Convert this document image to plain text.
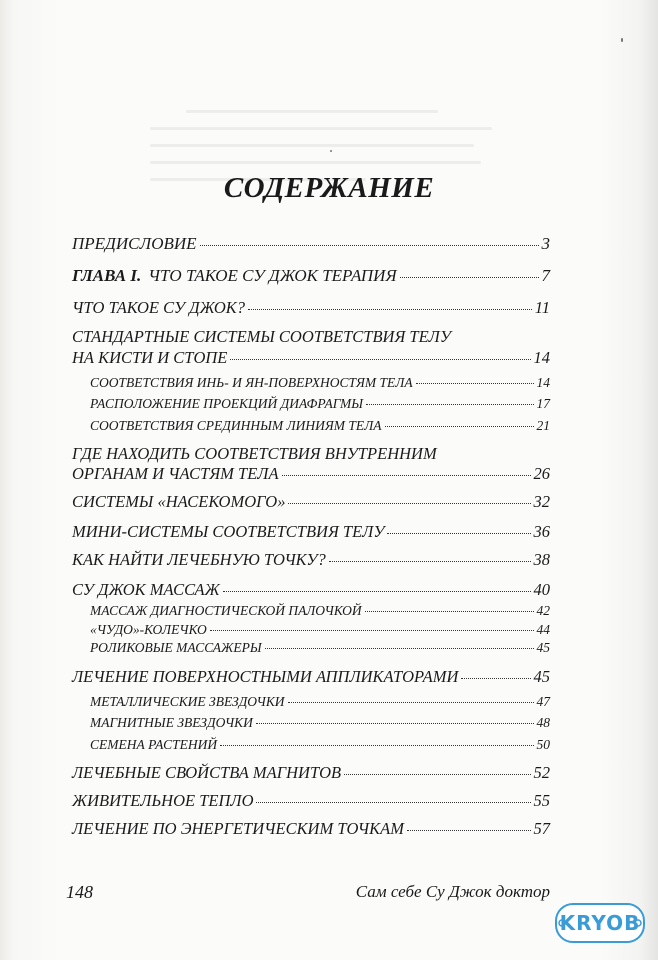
СОДЕРЖАНИЕ
ПРЕДИСЛОВИЕ	3
ГЛАВА I. ЧТО ТАКОЕ СУ ДЖОК ТЕРАПИЯ	7
ЧТО ТАКОЕ СУ ДЖОК?	11
СТАНДАРТНЫЕ СИСТЕМЫ СООТВЕТСТВИЯ ТЕЛУ
НА КИСТИ И СТОПЕ	14
СООТВЕТСТВИЯ ИНЬ- И ЯН-ПОВЕРХНОСТЯМ ТЕЛА	14
РАСПОЛОЖЕНИЕ ПРОЕКЦИЙ ДИАФРАГМЫ	17
СООТВЕТСТВИЯ СРЕДИННЫМ ЛИНИЯМ ТЕЛА	21
ГДЕ НАХОДИТЬ СООТВЕТСТВИЯ ВНУТРЕННИМ
ОРГАНАМ И ЧАСТЯМ ТЕЛА	26
СИСТЕМЫ «НАСЕКОМОГО»	32
МИНИ-СИСТЕМЫ СООТВЕТСТВИЯ ТЕЛУ	36
КАК НАЙТИ ЛЕЧЕБНУЮ ТОЧКУ?	38
СУ ДЖОК МАССАЖ	40
МАССАЖ ДИАГНОСТИЧЕСКОЙ ПАЛОЧКОЙ	42
«ЧУДО»-КОЛЕЧКО	44
РОЛИКОВЫЕ МАССАЖЕРЫ	45
ЛЕЧЕНИЕ ПОВЕРХНОСТНЫМИ АППЛИКАТОРАМИ	45
МЕТАЛЛИЧЕСКИЕ ЗВЕЗДОЧКИ	47
МАГНИТНЫЕ ЗВЕЗДОЧКИ	48
СЕМЕНА РАСТЕНИЙ	50
ЛЕЧЕБНЫЕ СВОЙСТВА МАГНИТОВ	52
ЖИВИТЕЛЬНОЕ ТЕПЛО	55
ЛЕЧЕНИЕ ПО ЭНЕРГЕТИЧЕСКИМ ТОЧКАМ	57
148	Сам себе Су Джок доктор
KRYOB
